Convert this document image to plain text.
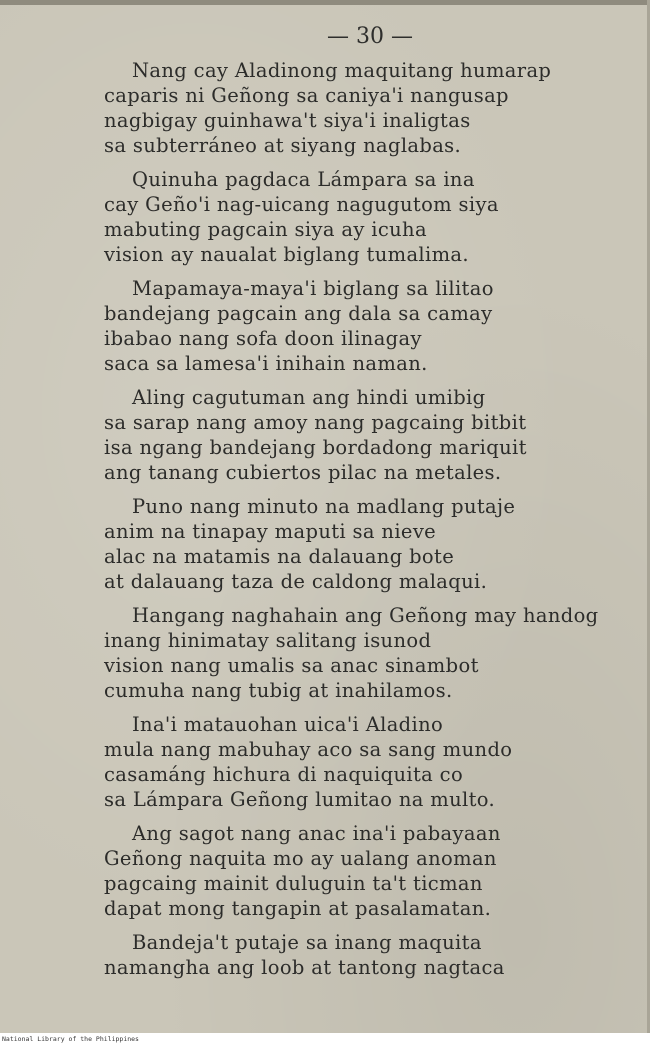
— 30 —
Nang cay Aladinong maquitang humarap
caparis ni Geñong sa caniya'i nangusap
nagbigay guinhawa't siya'i inaligtas
sa subterráneo at siyang naglabas.
Quinuha pagdaca Lámpara sa ina
cay Geño'i nag-uicang nagugutom siya
mabuting pagcain siya ay icuha
vision ay naualat biglang tumalima.
Mapamaya-maya'i biglang sa lilitao
bandejang pagcain ang dala sa camay
ibabao nang sofa doon ilinagay
saca sa lamesa'i inihain naman.
Aling cagutuman ang hindi umibig
sa sarap nang amoy nang pagcaing bitbit
isa ngang bandejang bordadong mariquit
ang tanang cubiertos pilac na metales.
Puno nang minuto na madlang putaje
anim na tinapay maputi sa nieve
alac na matamis na dalauang bote
at dalauang taza de caldong malaqui.
Hangang naghahain ang Geñong may handog
inang hinimatay salitang isunod
vision nang umalis sa anac sinambot
cumuha nang tubig at inahilamos.
Ina'i matauohan uica'i Aladino
mula nang mabuhay aco sa sang mundo
casamáng hichura di naquiquita co
sa Lámpara Geñong lumitao na multo.
Ang sagot nang anac ina'i pabayaan
Geñong naquita mo ay ualang anoman
pagcaing mainit duluguin ta't ticman
dapat mong tangapin at pasalamatan.
Bandeja't putaje sa inang maquita
namangha ang loob at tantong nagtaca
National Library of the Philippines
